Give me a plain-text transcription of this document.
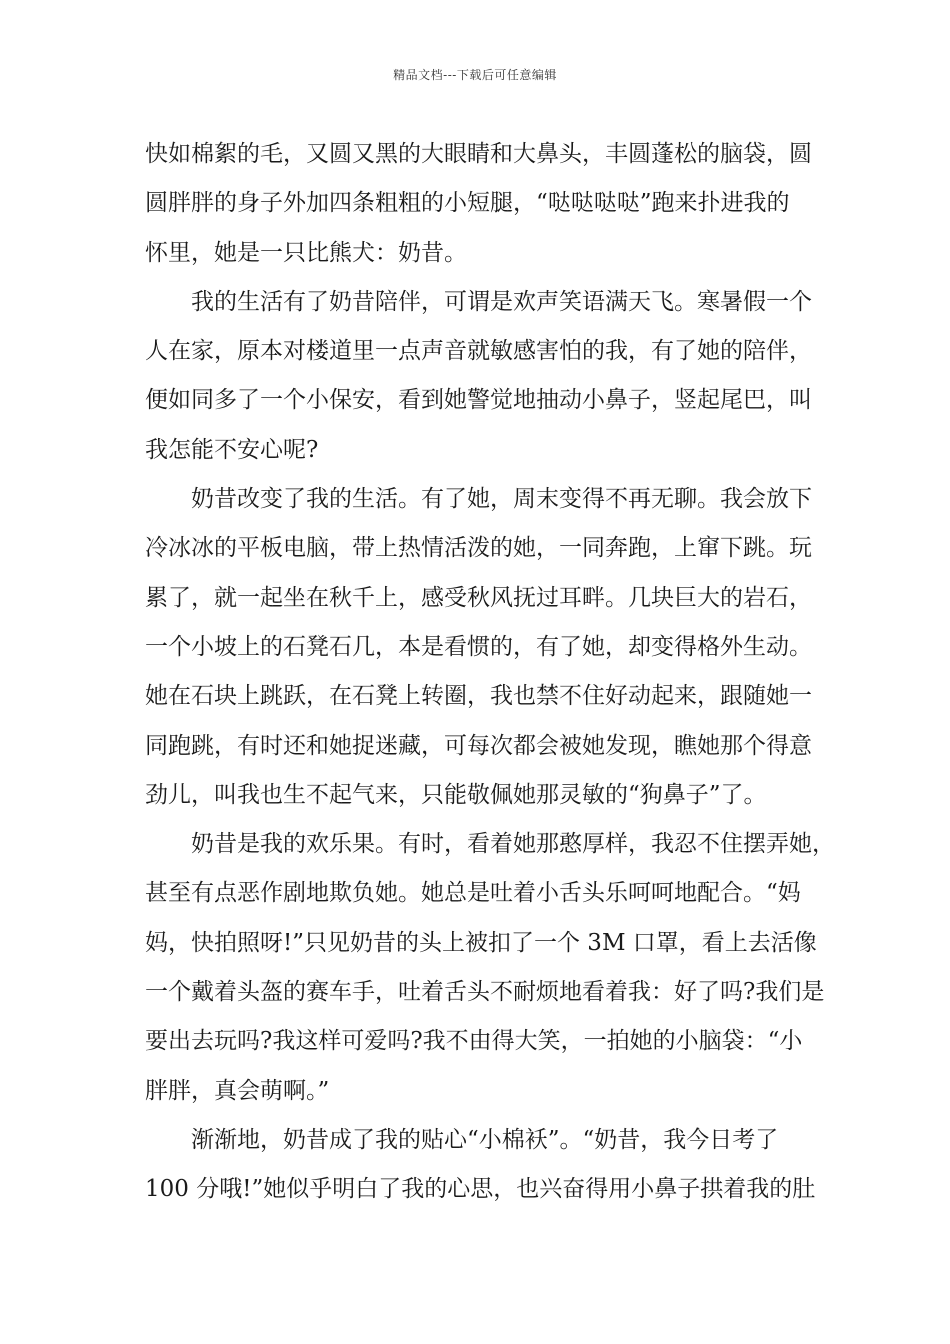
精品文档---下载后可任意编辑
快如棉絮的毛，又圆又黑的大眼睛和大鼻头，丰圆蓬松的脑袋，圆
圆胖胖的身子外加四条粗粗的小短腿，“哒哒哒哒”跑来扑进我的
怀里，她是一只比熊犬：奶昔。
我的生活有了奶昔陪伴，可谓是欢声笑语满天飞。寒暑假一个
人在家，原本对楼道里一点声音就敏感害怕的我，有了她的陪伴，
便如同多了一个小保安，看到她警觉地抽动小鼻子，竖起尾巴，叫
我怎能不安心呢?
奶昔改变了我的生活。有了她，周末变得不再无聊。我会放下
冷冰冰的平板电脑，带上热情活泼的她，一同奔跑，上窜下跳。玩
累了，就一起坐在秋千上，感受秋风抚过耳畔。几块巨大的岩石，
一个小坡上的石凳石几，本是看惯的，有了她，却变得格外生动。
她在石块上跳跃，在石凳上转圈，我也禁不住好动起来，跟随她一
同跑跳，有时还和她捉迷藏，可每次都会被她发现，瞧她那个得意
劲儿，叫我也生不起气来，只能敬佩她那灵敏的“狗鼻子”了。
奶昔是我的欢乐果。有时，看着她那憨厚样，我忍不住摆弄她，
甚至有点恶作剧地欺负她。她总是吐着小舌头乐呵呵地配合。“妈
妈，快拍照呀!”只见奶昔的头上被扣了一个 3M 口罩，看上去活像
一个戴着头盔的赛车手，吐着舌头不耐烦地看着我：好了吗?我们是
要出去玩吗?我这样可爱吗?我不由得大笑，一拍她的小脑袋：“小
胖胖，真会萌啊。”
渐渐地，奶昔成了我的贴心“小棉袄”。“奶昔，我今日考了
100 分哦!”她似乎明白了我的心思，也兴奋得用小鼻子拱着我的肚
